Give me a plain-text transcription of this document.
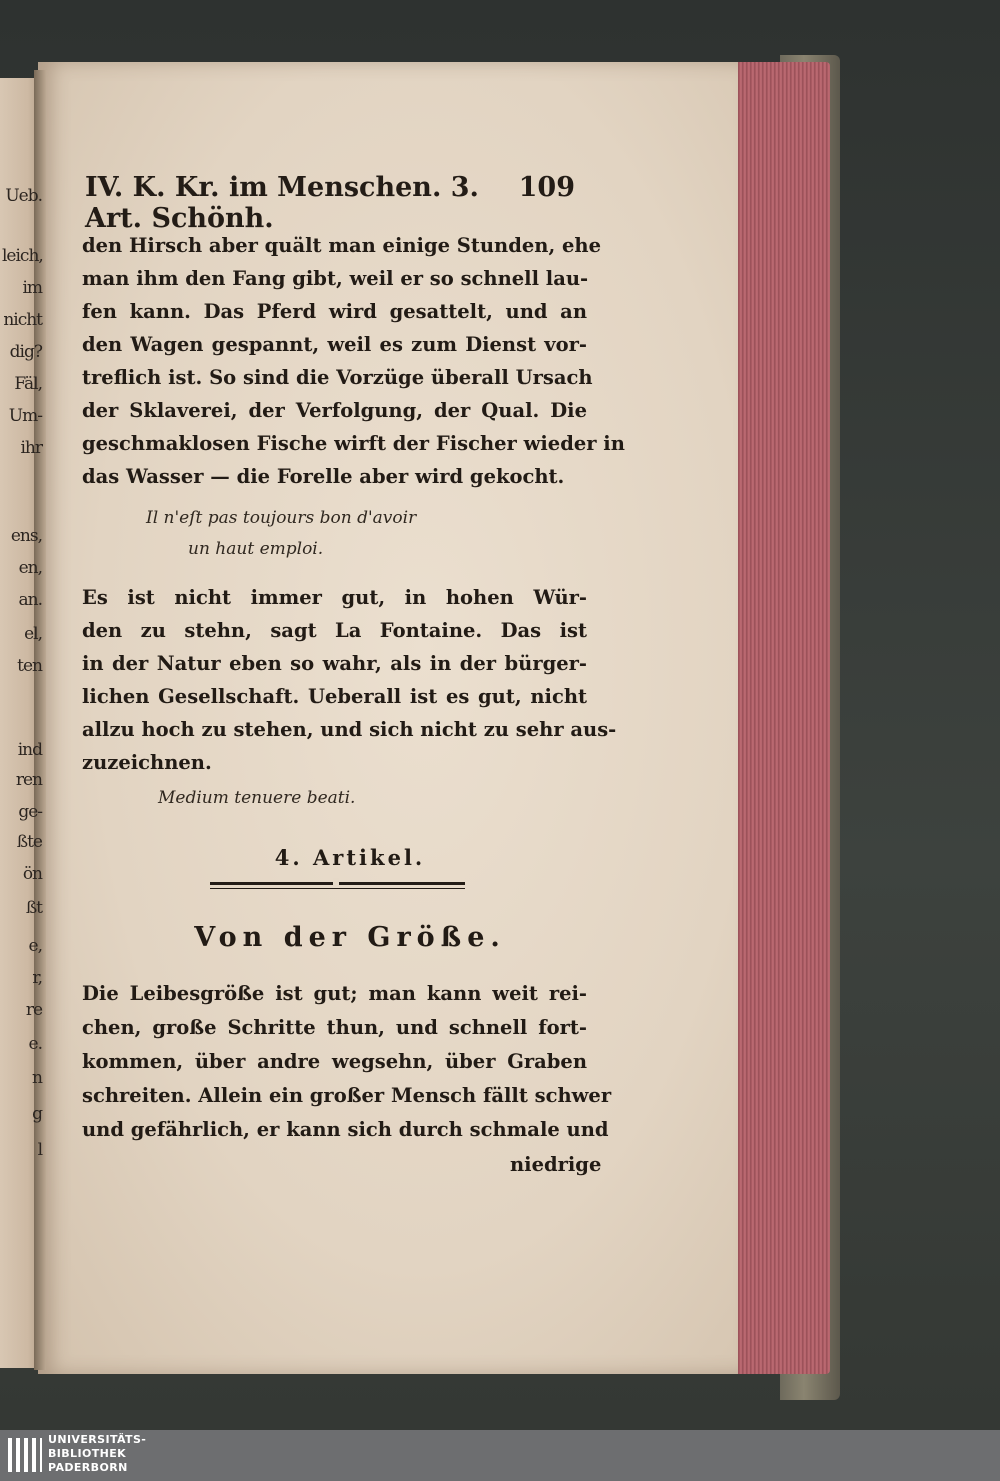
Ueb.
leich,
im
nicht
dig?
Fäl,
Um-
ihr
ens,
en,
an.
el,
ten
ind
ren
ge-
ßte
ön
ßt
e,
r,
re
e.
n
g
l
IV. K. Kr. im Menschen. 3. Art. Schönh.
109
den Hirsch aber quält man einige Stunden, ehe
man ihm den Fang gibt, weil er so schnell lau-
fen kann. Das Pferd wird gesattelt, und an
den Wagen gespannt, weil es zum Dienst vor-
treflich ist. So sind die Vorzüge überall Ursach
der Sklaverei, der Verfolgung, der Qual. Die
geschmaklosen Fische wirft der Fischer wieder in
das Wasser — die Forelle aber wird gekocht.
Il n'eſt pas toujours bon d'avoir
un haut emploi.
Es ist nicht immer gut, in hohen Wür-
den zu stehn, sagt La Fontaine. Das ist
in der Natur eben so wahr, als in der bürger-
lichen Gesellschaft. Ueberall ist es gut, nicht
allzu hoch zu stehen, und sich nicht zu sehr aus-
zuzeichnen.
Medium tenuere beati.
4. Artikel.
Von der Größe.
Die Leibesgröße ist gut; man kann weit rei-
chen, große Schritte thun, und schnell fort-
kommen, über andre wegsehn, über Graben
schreiten. Allein ein großer Mensch fällt schwer
und gefährlich, er kann sich durch schmale und
niedrige
UNIVERSITÄTS-
BIBLIOTHEK
PADERBORN
